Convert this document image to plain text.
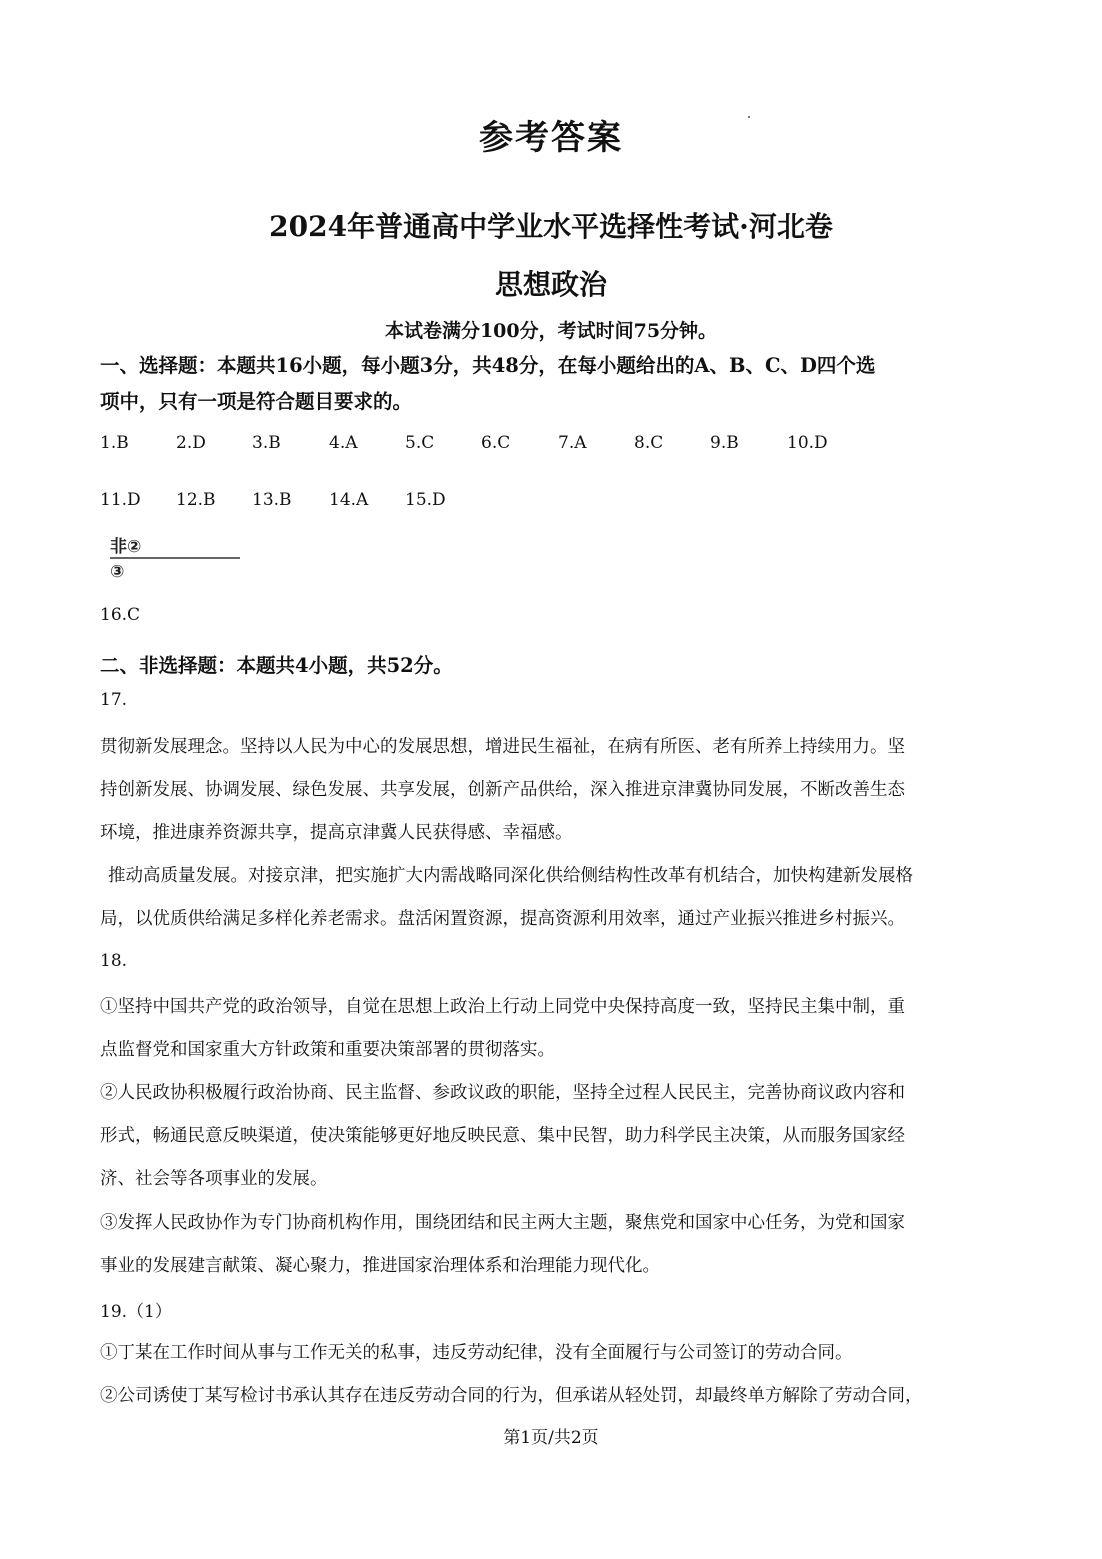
参考答案
2024年普通高中学业水平选择性考试·河北卷
思想政治
本试卷满分100分，考试时间75分钟。
一、选择题：本题共16小题，每小题3分，共48分，在每小题给出的A、B、C、D四个选
项中，只有一项是符合题目要求的。
1.B	2.D	3.B	4.A	5.C	6.C	7.A	8.C	9.B	10.D
11.D 12.B 13.B 14.A 15.D
非②
③
16.C
二、非选择题：本题共4小题，共52分。
17.
贯彻新发展理念。坚持以人民为中心的发展思想，增进民生福祉，在病有所医、老有所养上持续用力。坚
持创新发展、协调发展、绿色发展、共享发展，创新产品供给，深入推进京津冀协同发展，不断改善生态
环境，推进康养资源共享，提高京津冀人民获得感、幸福感。
推动高质量发展。对接京津，把实施扩大内需战略同深化供给侧结构性改革有机结合，加快构建新发展格
局，以优质供给满足多样化养老需求。盘活闲置资源，提高资源利用效率，通过产业振兴推进乡村振兴。
18.
①坚持中国共产党的政治领导，自觉在思想上政治上行动上同党中央保持高度一致，坚持民主集中制，重
点监督党和国家重大方针政策和重要决策部署的贯彻落实。
②人民政协积极履行政治协商、民主监督、参政议政的职能，坚持全过程人民民主，完善协商议政内容和
形式，畅通民意反映渠道，使决策能够更好地反映民意、集中民智，助力科学民主决策，从而服务国家经
济、社会等各项事业的发展。
③发挥人民政协作为专门协商机构作用，围绕团结和民主两大主题，聚焦党和国家中心任务，为党和国家
事业的发展建言献策、凝心聚力，推进国家治理体系和治理能力现代化。
19.（1）
①丁某在工作时间从事与工作无关的私事，违反劳动纪律，没有全面履行与公司签订的劳动合同。
②公司诱使丁某写检讨书承认其存在违反劳动合同的行为，但承诺从轻处罚，却最终单方解除了劳动合同，
第1页/共2页
